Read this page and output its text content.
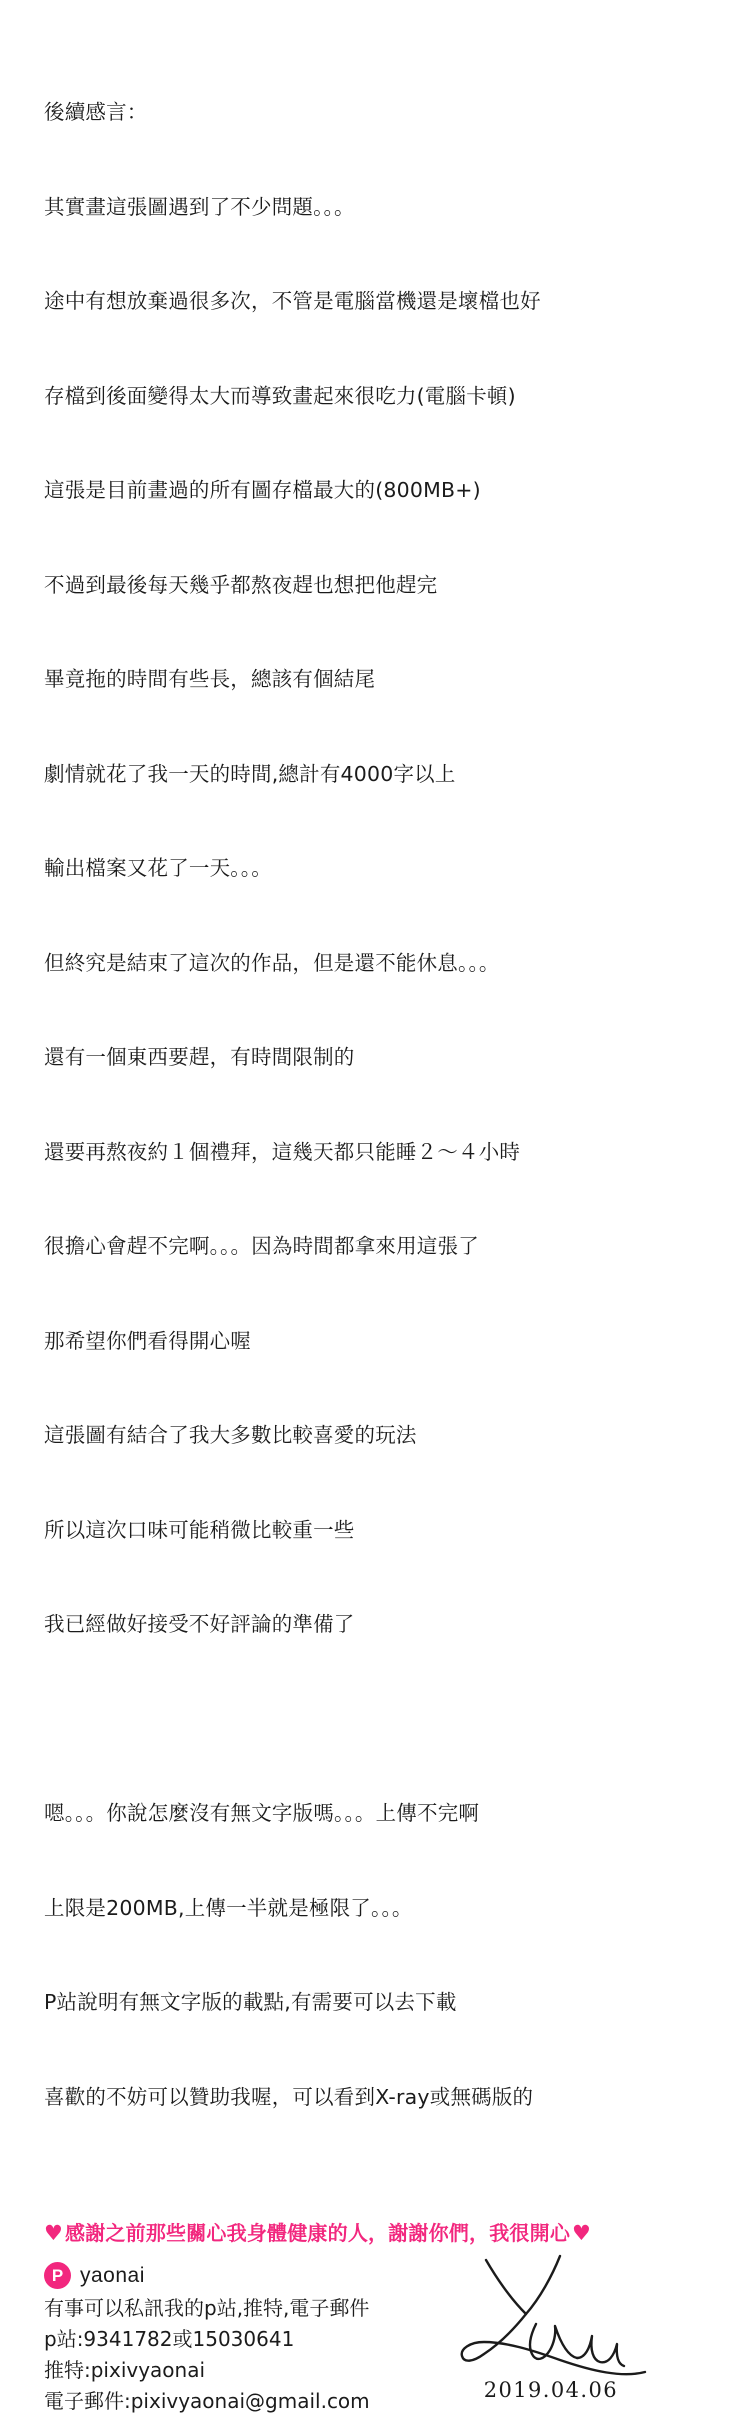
後續感言：

其實畫這張圖遇到了不少問題。。。

途中有想放棄過很多次，不管是電腦當機還是壞檔也好

存檔到後面變得太大而導致畫起來很吃力(電腦卡頓)

這張是目前畫過的所有圖存檔最大的(800MB+)

不過到最後每天幾乎都熬夜趕也想把他趕完

畢竟拖的時間有些長，總該有個結尾

劇情就花了我一天的時間,總計有4000字以上

輸出檔案又花了一天。。。

但終究是結束了這次的作品，但是還不能休息。。。

還有一個東西要趕，有時間限制的

還要再熬夜約１個禮拜，這幾天都只能睡２～４小時

很擔心會趕不完啊。。。因為時間都拿來用這張了

那希望你們看得開心喔

這張圖有結合了我大多數比較喜愛的玩法

所以這次口味可能稍微比較重一些

我已經做好接受不好評論的準備了

嗯。。。你說怎麼沒有無文字版嗎。。。上傳不完啊

上限是200MB,上傳一半就是極限了。。。

P站說明有無文字版的載點,有需要可以去下載

喜歡的不妨可以贊助我喔，可以看到X-ray或無碼版的

♥ 感謝之前那些關心我身體健康的人，謝謝你們，我很開心 ♥
P yaonai
有事可以私訊我的p站,推特,電子郵件
p站:9341782或15030641
推特:pixivyaonai
電子郵件:pixivyaonai@gmail.com	2019.04.06
